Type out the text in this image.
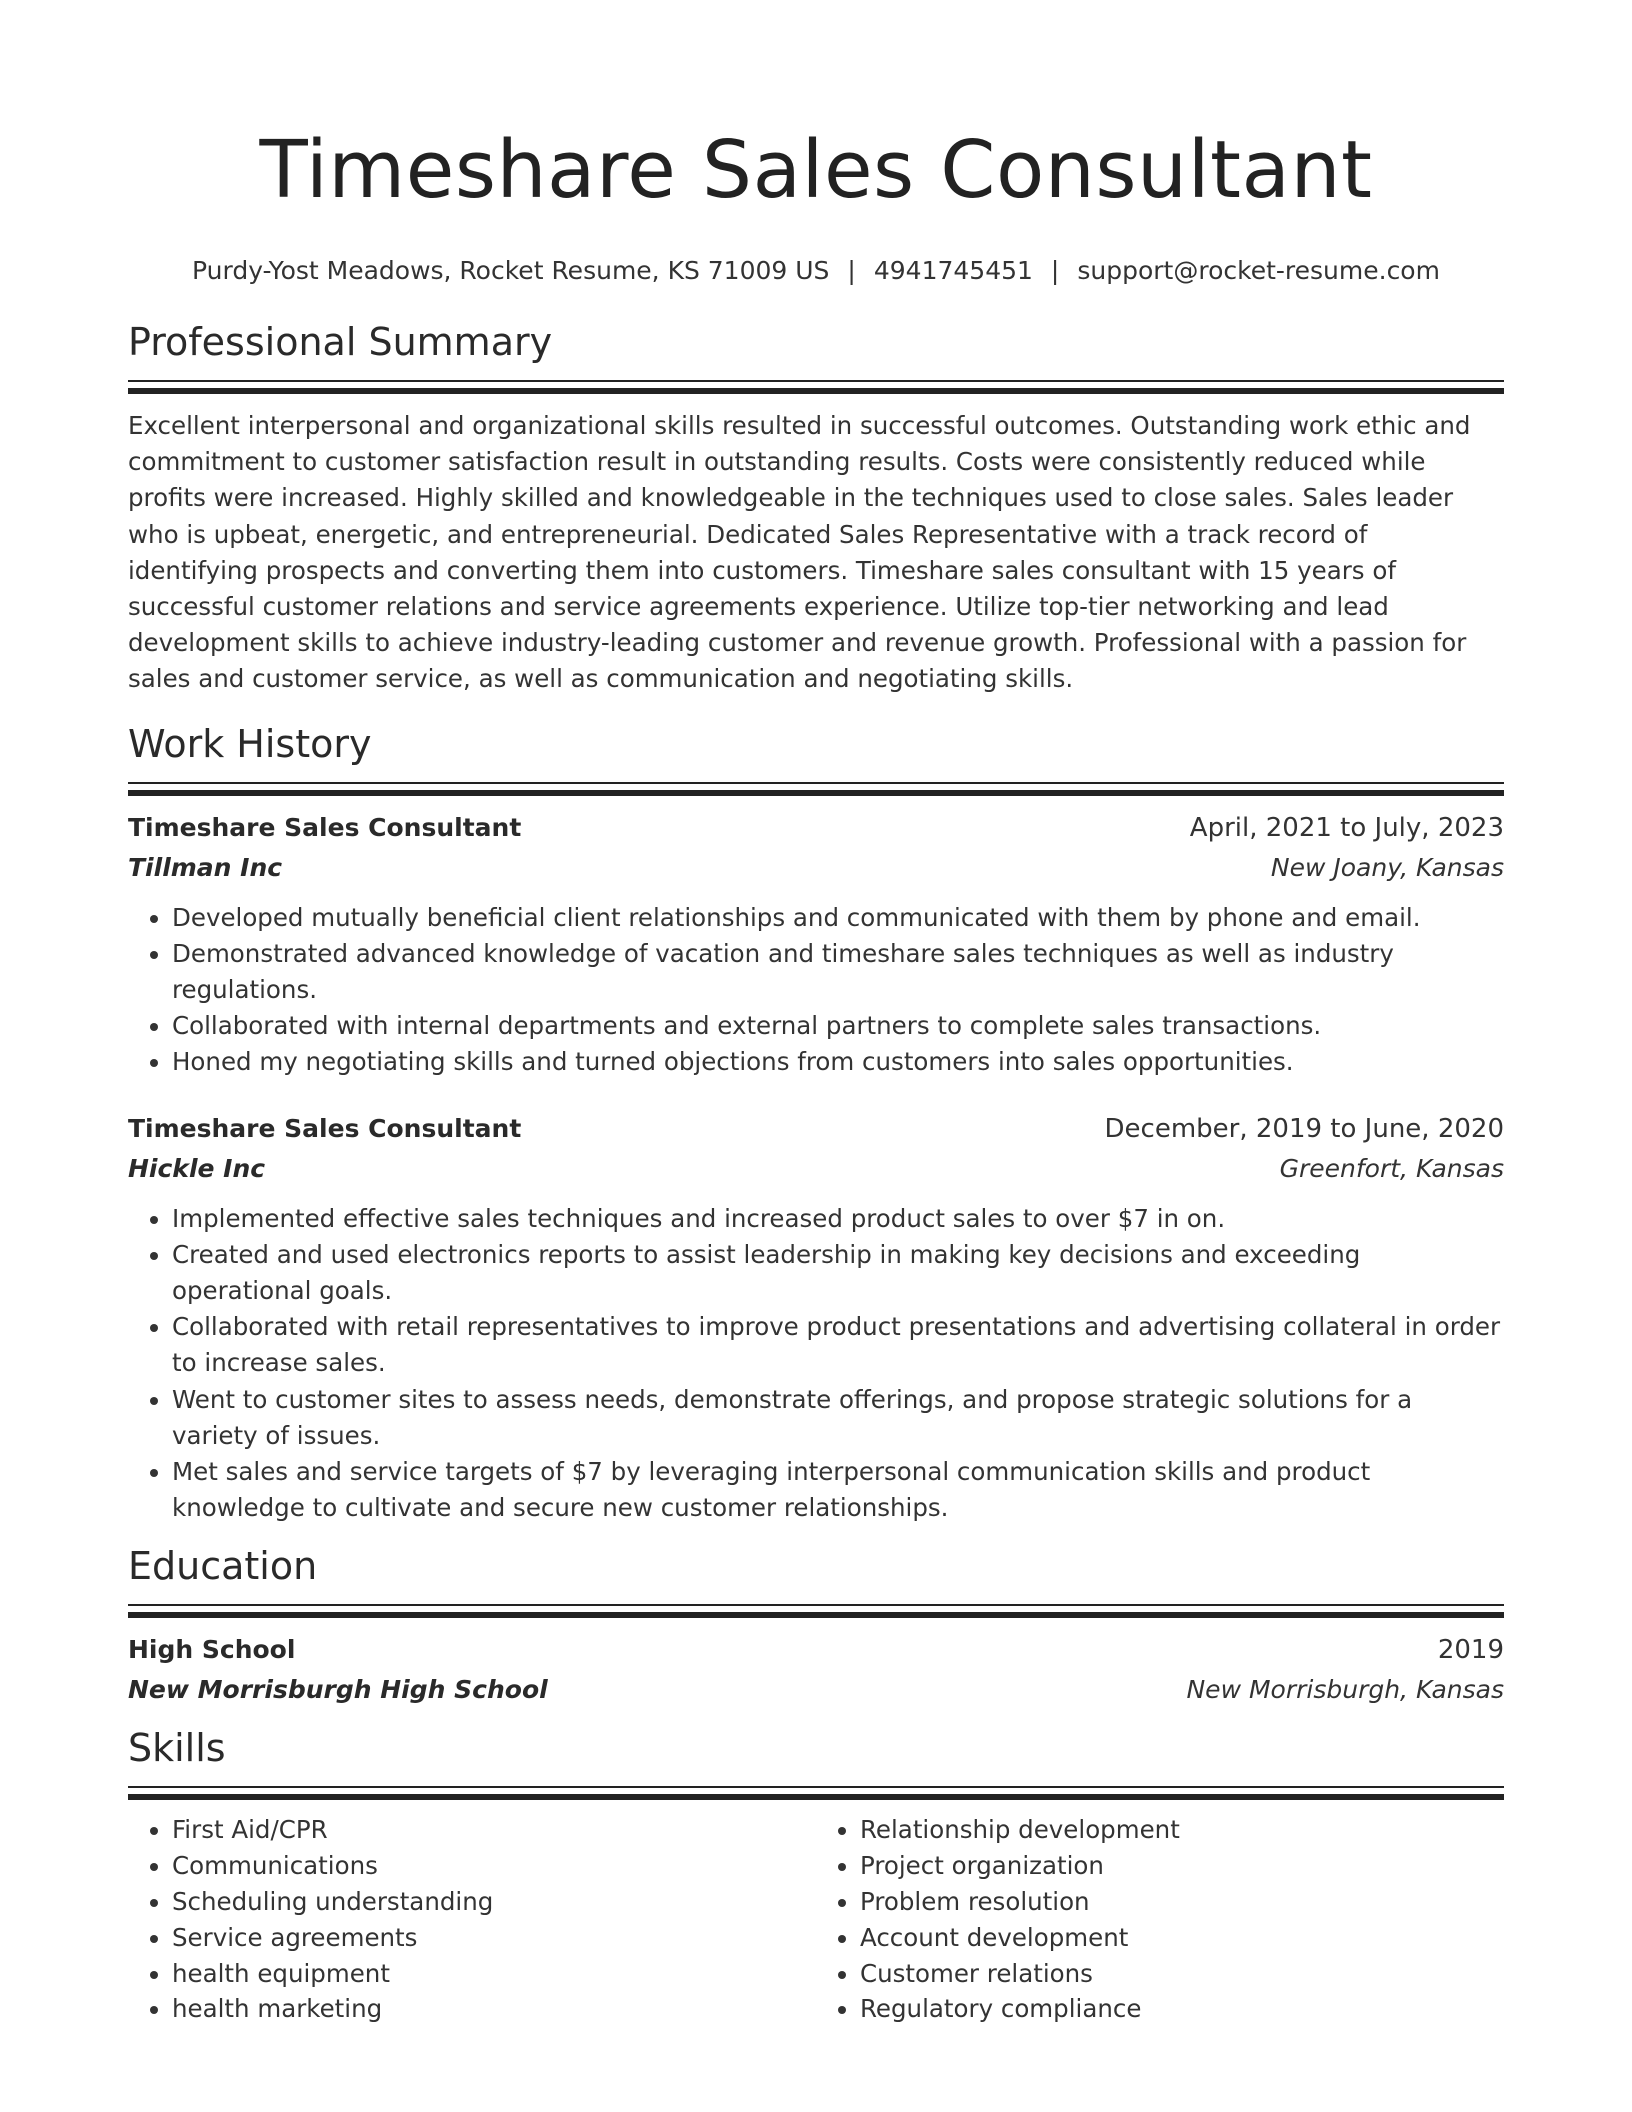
Timeshare Sales Consultant
Purdy-Yost Meadows, Rocket Resume, KS 71009 US | 4941745451 | support@rocket-resume.com
Professional Summary

Excellent interpersonal and organizational skills resulted in successful outcomes. Outstanding work ethic and commitment to customer satisfaction result in outstanding results. Costs were consistently reduced while profits were increased. Highly skilled and knowledgeable in the techniques used to close sales. Sales leader who is upbeat, energetic, and entrepreneurial. Dedicated Sales Representative with a track record of identifying prospects and converting them into customers. Timeshare sales consultant with 15 years of successful customer relations and service agreements experience. Utilize top-tier networking and lead development skills to achieve industry-leading customer and revenue growth. Professional with a passion for sales and customer service, as well as communication and negotiating skills.

Work History
Timeshare Sales Consultant	April, 2021 to July, 2023
Tillman Inc	New Joany, Kansas
• Developed mutually beneficial client relationships and communicated with them by phone and email.
• Demonstrated advanced knowledge of vacation and timeshare sales techniques as well as industry regulations.
• Collaborated with internal departments and external partners to complete sales transactions.
• Honed my negotiating skills and turned objections from customers into sales opportunities.
Timeshare Sales Consultant	December, 2019 to June, 2020
Hickle Inc	Greenfort, Kansas
• Implemented effective sales techniques and increased product sales to over $7 in on.
• Created and used electronics reports to assist leadership in making key decisions and exceeding operational goals.
• Collaborated with retail representatives to improve product presentations and advertising collateral in order to increase sales.
• Went to customer sites to assess needs, demonstrate offerings, and propose strategic solutions for a variety of issues.
• Met sales and service targets of $7 by leveraging interpersonal communication skills and product knowledge to cultivate and secure new customer relationships.
Education
High School	2019
New Morrisburgh High School	New Morrisburgh, Kansas
Skills
• First Aid/CPR
• Communications
• Scheduling understanding
• Service agreements
• health equipment
• health marketing
• Relationship development
• Project organization
• Problem resolution
• Account development
• Customer relations
• Regulatory compliance
